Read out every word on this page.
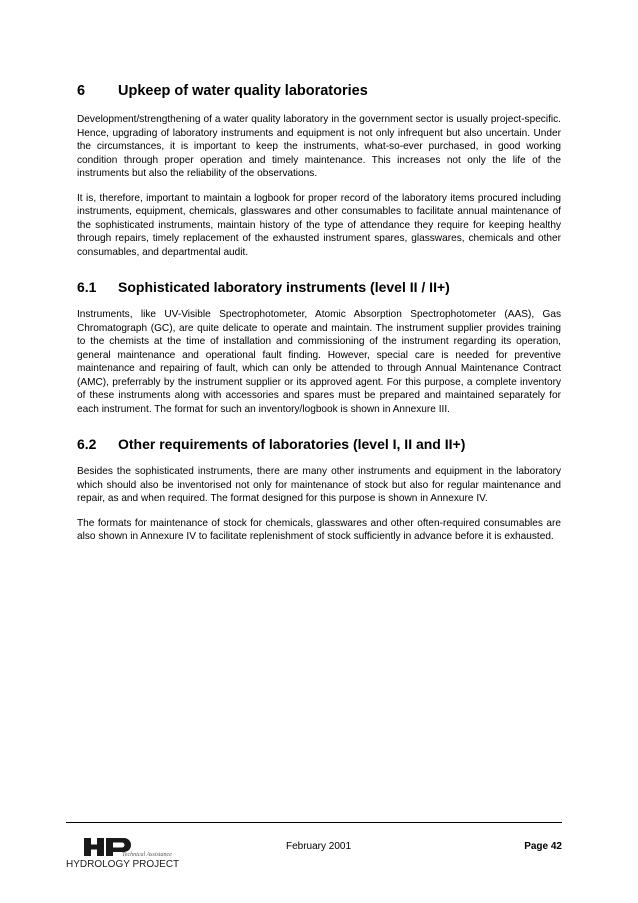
6	Upkeep of water quality laboratories

Development/strengthening of a water quality laboratory in the government sector is usually project-specific. Hence, upgrading of laboratory instruments and equipment is not only infrequent but also uncertain. Under the circumstances, it is important to keep the instruments, what-so-ever purchased, in good working condition through proper operation and timely maintenance. This increases not only the life of the instruments but also the reliability of the observations.

It is, therefore, important to maintain a logbook for proper record of the laboratory items procured including instruments, equipment, chemicals, glasswares and other consumables to facilitate annual maintenance of the sophisticated instruments, maintain history of the type of attendance they require for keeping healthy through repairs, timely replacement of the exhausted instrument spares, glasswares, chemicals and other consumables, and departmental audit.

6.1	Sophisticated laboratory instruments (level II / II+)

Instruments, like UV-Visible Spectrophotometer, Atomic Absorption Spectrophotometer (AAS), Gas Chromatograph (GC), are quite delicate to operate and maintain. The instrument supplier provides training to the chemists at the time of installation and commissioning of the instrument regarding its operation, general maintenance and operational fault finding. However, special care is needed for preventive maintenance and repairing of fault, which can only be attended to through Annual Maintenance Contract (AMC), preferrably by the instrument supplier or its approved agent. For this purpose, a complete inventory of these instruments along with accessories and spares must be prepared and maintained separately for each instrument. The format for such an inventory/logbook is shown in Annexure III.

6.2	Other requirements of laboratories (level I, II and II+)

Besides the sophisticated instruments, there are many other instruments and equipment in the laboratory which should also be inventorised not only for maintenance of stock but also for regular maintenance and repair, as and when required. The format designed for this purpose is shown in Annexure IV.

The formats for maintenance of stock for chemicals, glasswares and other often-required consumables are also shown in Annexure IV to facilitate replenishment of stock sufficiently in advance before it is exhausted.

Technical Assistance
HYDROLOGY PROJECT
February 2001	Page 42
